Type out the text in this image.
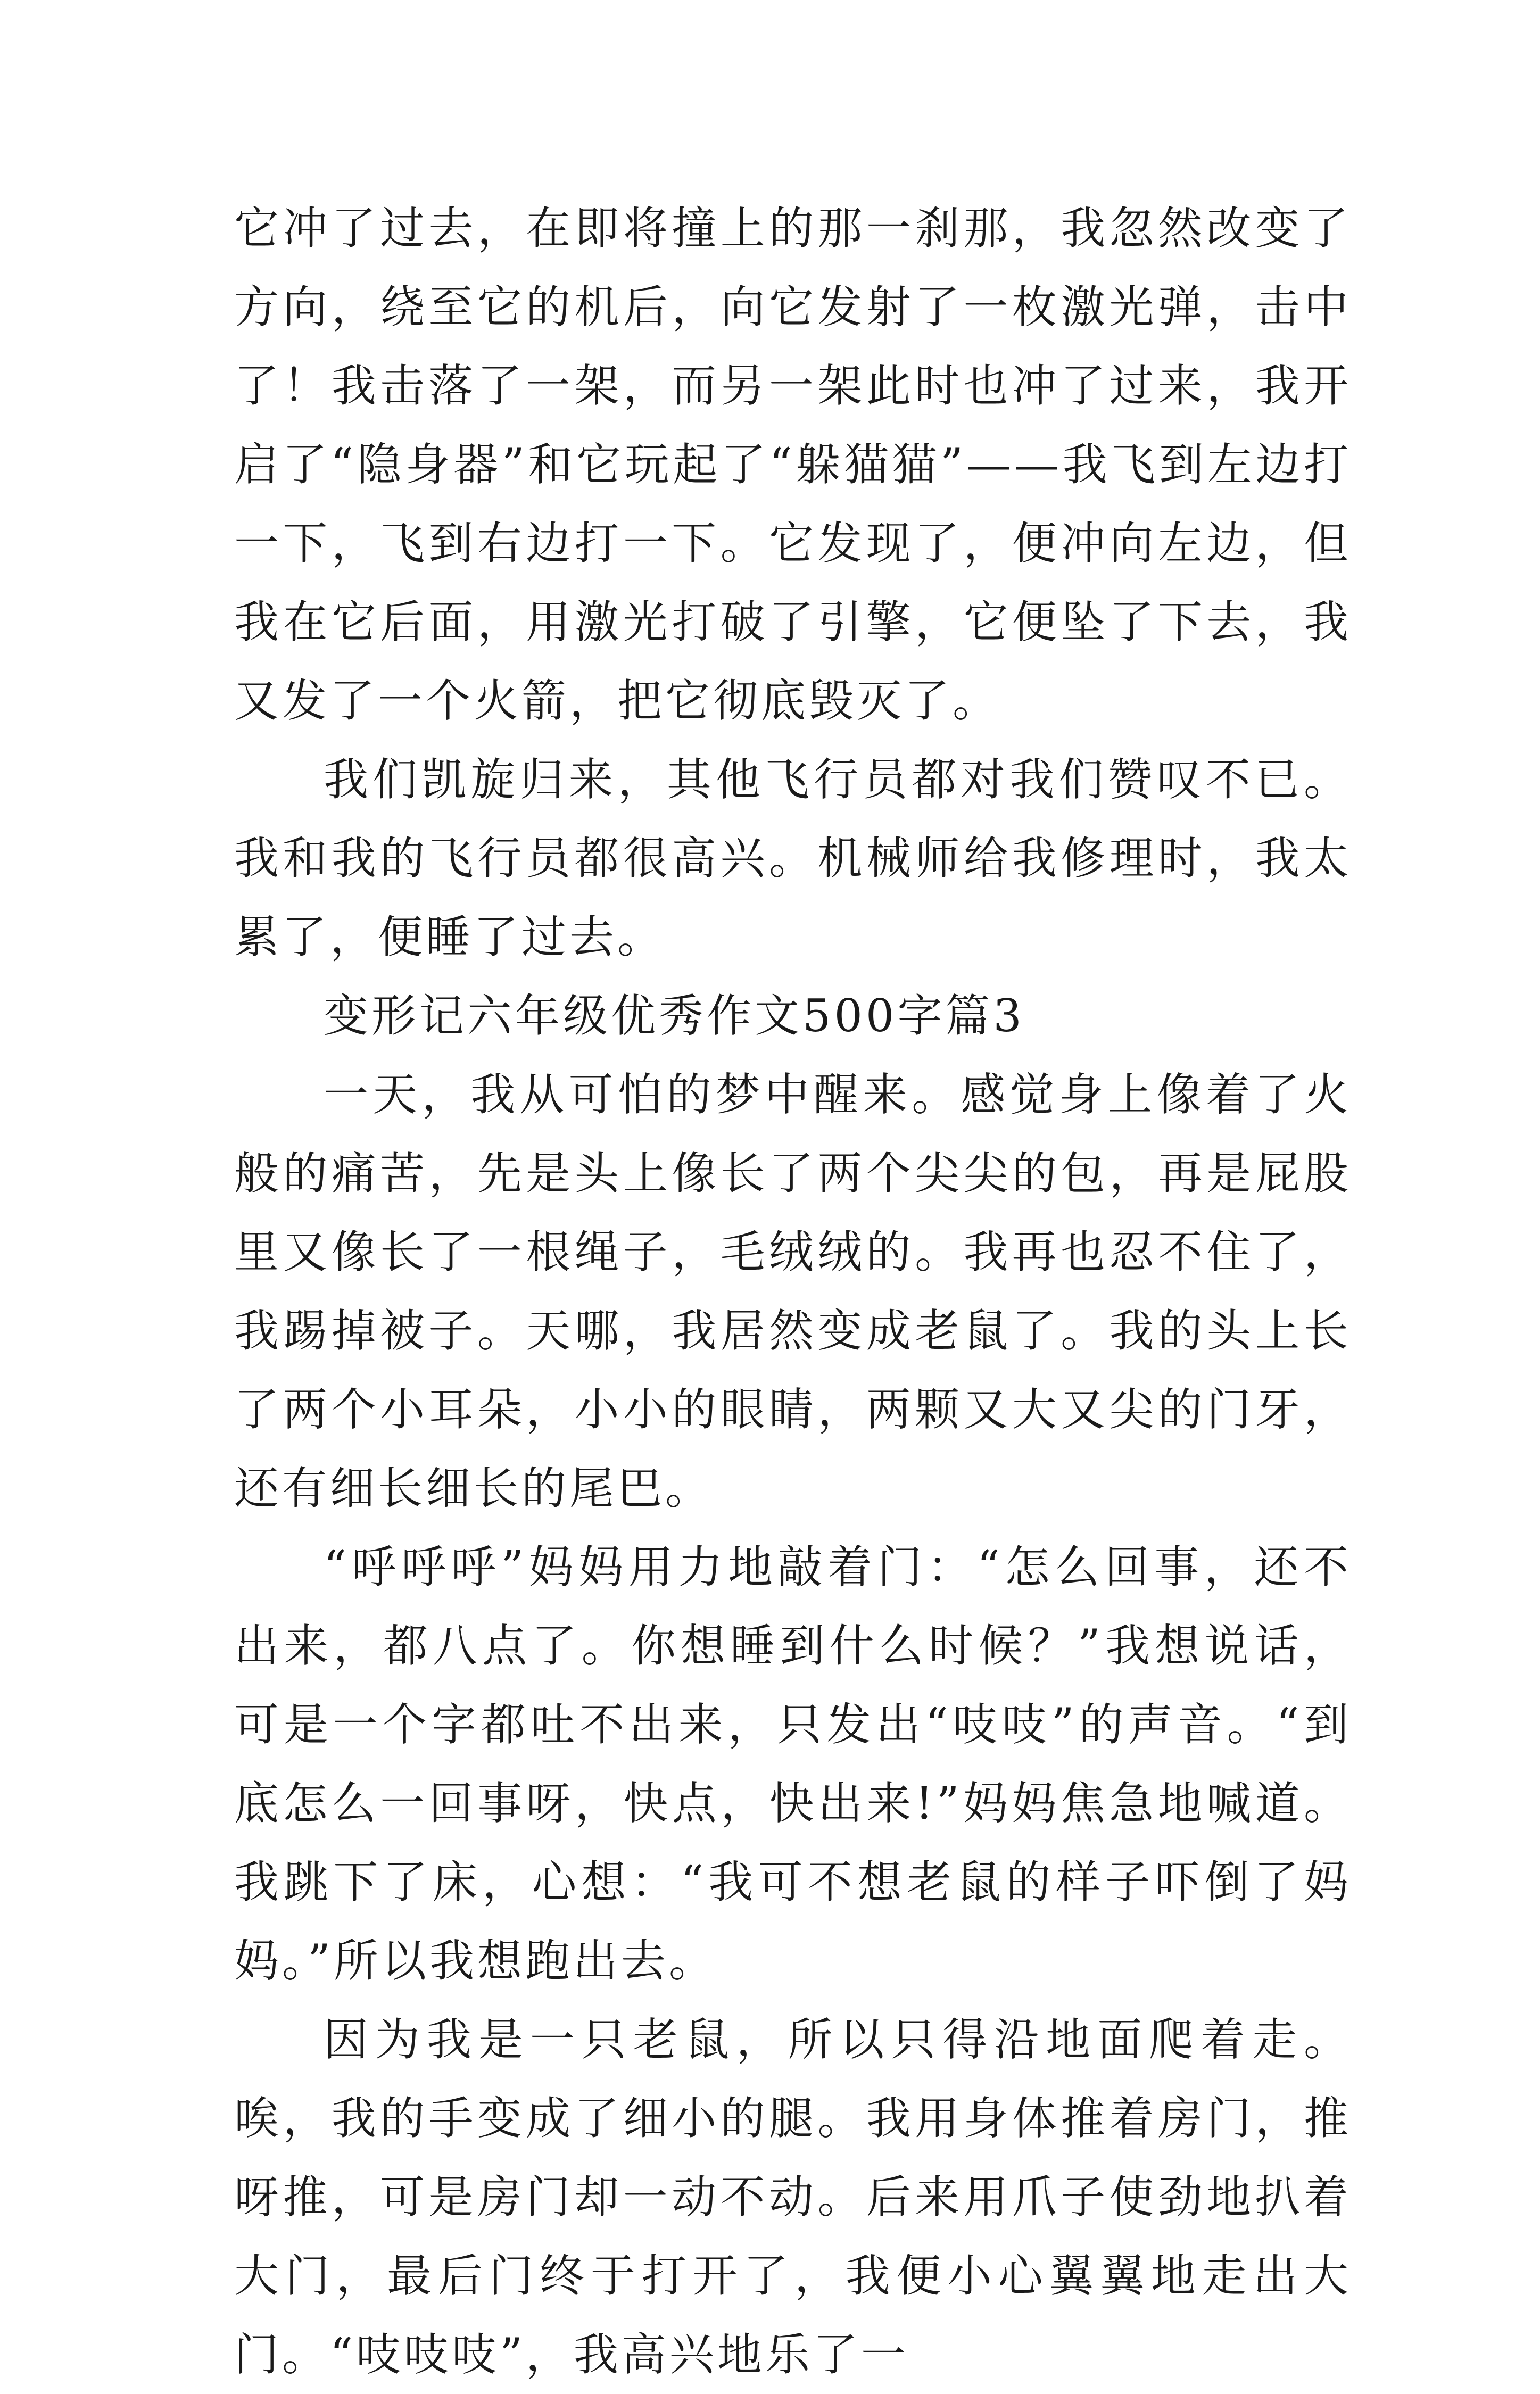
它冲了过去，在即将撞上的那一刹那，我忽然改变了方向，绕至它的机后，向它发射了一枚激光弹，击中了！我击落了一架，而另一架此时也冲了过来，我开启了“隐身器”和它玩起了“躲猫猫”——我飞到左边打一下，飞到右边打一下。它发现了，便冲向左边，但我在它后面，用激光打破了引擎，它便坠了下去，我又发了一个火箭，把它彻底毁灭了。

我们凯旋归来，其他飞行员都对我们赞叹不已。我和我的飞行员都很高兴。机械师给我修理时，我太累了，便睡了过去。

变形记六年级优秀作文500字篇3

一天，我从可怕的梦中醒来。感觉身上像着了火般的痛苦，先是头上像长了两个尖尖的包，再是屁股里又像长了一根绳子，毛绒绒的。我再也忍不住了，我踢掉被子。天哪，我居然变成老鼠了。我的头上长了两个小耳朵，小小的眼睛，两颗又大又尖的门牙，还有细长细长的尾巴。

“呼呼呼”妈妈用力地敲着门：“怎么回事，还不出来，都八点了。你想睡到什么时候？”我想说话，可是一个字都吐不出来，只发出“吱吱”的声音。“到底怎么一回事呀，快点，快出来!”妈妈焦急地喊道。我跳下了床，心想：“我可不想老鼠的样子吓倒了妈妈。”所以我想跑出去。

因为我是一只老鼠，所以只得沿地面爬着走。唉，我的手变成了细小的腿。我用身体推着房门，推呀推，可是房门却一动不动。后来用爪子使劲地扒着大门，最后门终于打开了，我便小心翼翼地走出大门。“吱吱吱”，我高兴地乐了一
